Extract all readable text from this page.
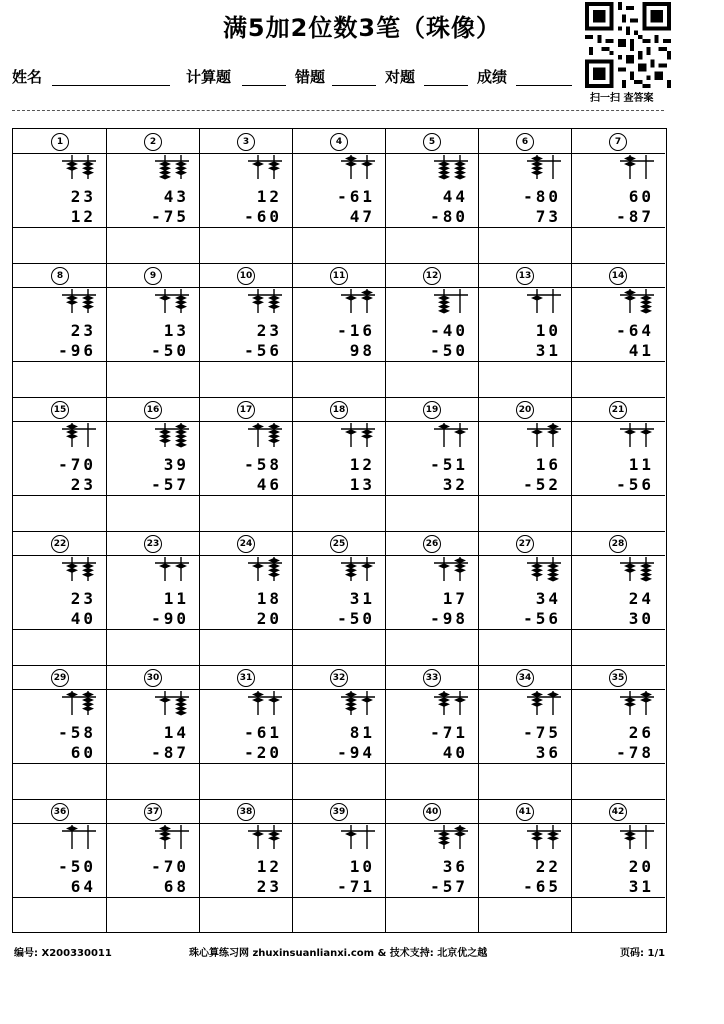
满5加2位数3笔（珠像）
扫一扫 查答案
姓名	计算题	错题	对题	成绩
1
23
12
2
43
-75
3
12
-60
4
-61
47
5
44
-80
6
-80
73
7
60
-87
8
23
-96
9
13
-50
10
23
-56
11
-16
98
12
-40
-50
13
10
31
14
-64
41
15
-70
23
16
39
-57
17
-58
46
18
12
13
19
-51
32
20
16
-52
21
11
-56
22
23
40
23
11
-90
24
18
20
25
31
-50
26
17
-98
27
34
-56
28
24
30
29
-58
60
30
14
-87
31
-61
-20
32
81
-94
33
-71
40
34
-75
36
35
26
-78
36
-50
64
37
-70
68
38
12
23
39
10
-71
40
36
-57
41
22
-65
42
20
31
编号: X200330011	珠心算练习网 zhuxinsuanlianxi.com & 技术支持: 北京优之越	页码: 1/1
